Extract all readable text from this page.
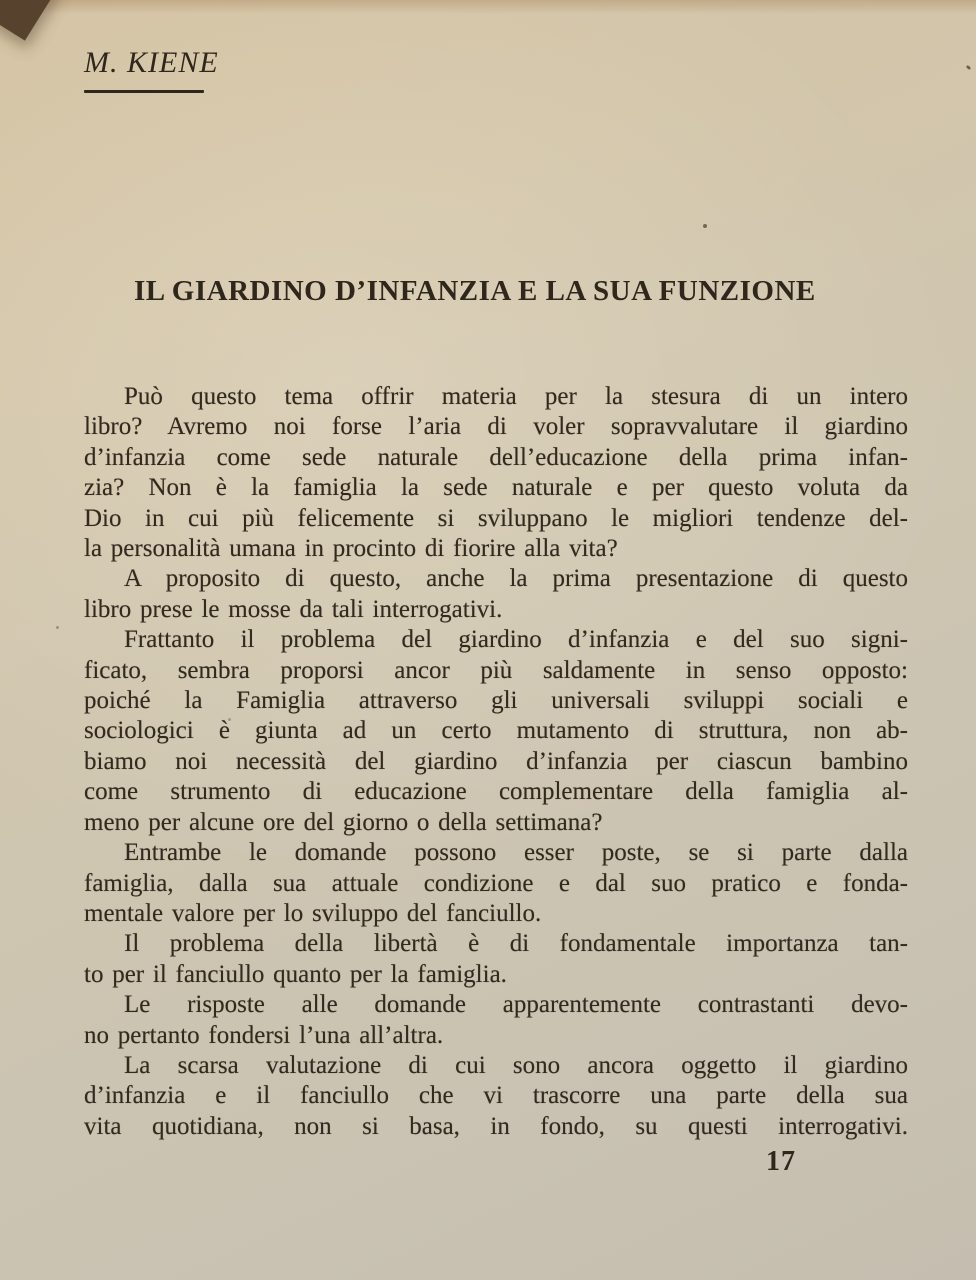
M. KIENE
IL GIARDINO D’INFANZIA E LA SUA FUNZIONE
Può questo tema offrir materia per la stesura di un intero
libro? Avremo noi forse l’aria di voler sopravvalutare il giardino
d’infanzia come sede naturale dell’educazione della prima infan-
zia? Non è la famiglia la sede naturale e per questo voluta da
Dio in cui più felicemente si sviluppano le migliori tendenze del-
la personalità umana in procinto di fiorire alla vita?
A proposito di questo, anche la prima presentazione di questo
libro prese le mosse da tali interrogativi.
Frattanto il problema del giardino d’infanzia e del suo signi-
ficato, sembra proporsi ancor più saldamente in senso opposto:
poiché la Famiglia attraverso gli universali sviluppi sociali e
sociologici è giunta ad un certo mutamento di struttura, non ab-
biamo noi necessità del giardino d’infanzia per ciascun bambino
come strumento di educazione complementare della famiglia al-
meno per alcune ore del giorno o della settimana?
Entrambe le domande possono esser poste, se si parte dalla
famiglia, dalla sua attuale condizione e dal suo pratico e fonda-
mentale valore per lo sviluppo del fanciullo.
Il problema della libertà è di fondamentale importanza tan-
to per il fanciullo quanto per la famiglia.
Le risposte alle domande apparentemente contrastanti devo-
no pertanto fondersi l’una all’altra.
La scarsa valutazione di cui sono ancora oggetto il giardino
d’infanzia e il fanciullo che vi trascorre una parte della sua
vita quotidiana, non si basa, in fondo, su questi interrogativi.
17
